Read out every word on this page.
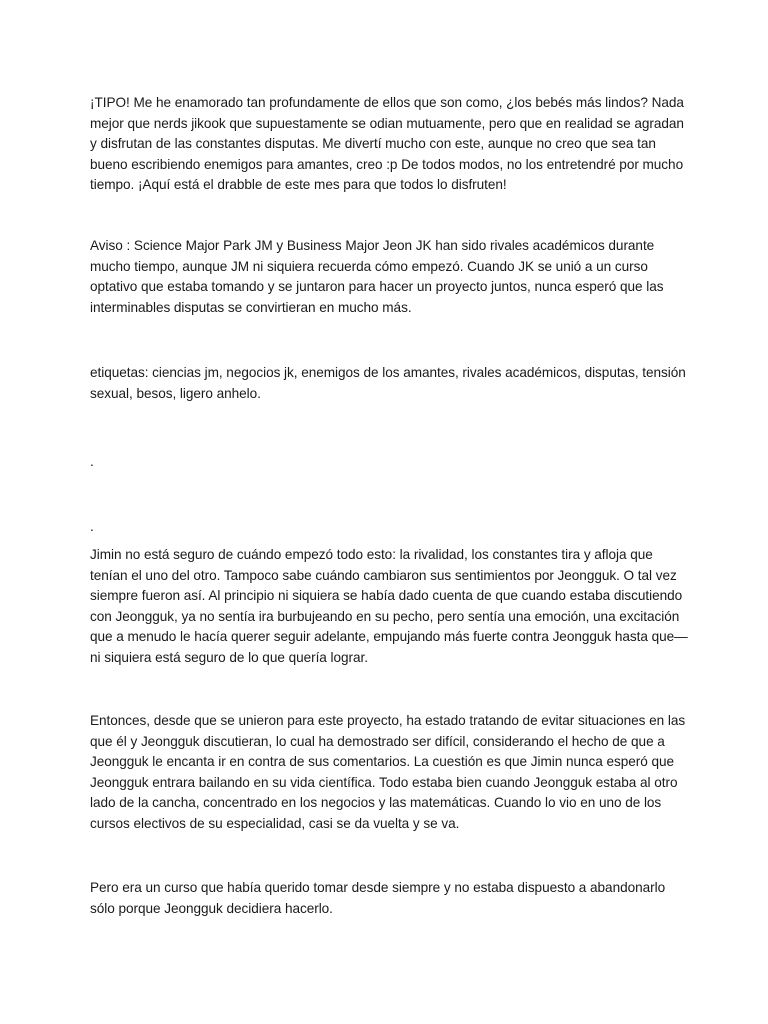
¡TIPO! Me he enamorado tan profundamente de ellos que son como, ¿los bebés más lindos? Nada mejor que nerds jikook que supuestamente se odian mutuamente, pero que en realidad se agradan y disfrutan de las constantes disputas. Me divertí mucho con este, aunque no creo que sea tan bueno escribiendo enemigos para amantes, creo :p De todos modos, no los entretendré por mucho tiempo. ¡Aquí está el drabble de este mes para que todos lo disfruten!

Aviso : Science Major Park JM y Business Major Jeon JK han sido rivales académicos durante mucho tiempo, aunque JM ni siquiera recuerda cómo empezó. Cuando JK se unió a un curso optativo que estaba tomando y se juntaron para hacer un proyecto juntos, nunca esperó que las interminables disputas se convirtieran en mucho más.

etiquetas: ciencias jm, negocios jk, enemigos de los amantes, rivales académicos, disputas, tensión sexual, besos, ligero anhelo.

.

.

Jimin no está seguro de cuándo empezó todo esto: la rivalidad, los constantes tira y afloja que tenían el uno del otro. Tampoco sabe cuándo cambiaron sus sentimientos por Jeongguk. O tal vez siempre fueron así. Al principio ni siquiera se había dado cuenta de que cuando estaba discutiendo con Jeongguk, ya no sentía ira burbujeando en su pecho, pero sentía una emoción, una excitación que a menudo le hacía querer seguir adelante, empujando más fuerte contra Jeongguk hasta que— ni siquiera está seguro de lo que quería lograr.

Entonces, desde que se unieron para este proyecto, ha estado tratando de evitar situaciones en las que él y Jeongguk discutieran, lo cual ha demostrado ser difícil, considerando el hecho de que a Jeongguk le encanta ir en contra de sus comentarios. La cuestión es que Jimin nunca esperó que Jeongguk entrara bailando en su vida científica. Todo estaba bien cuando Jeongguk estaba al otro lado de la cancha, concentrado en los negocios y las matemáticas. Cuando lo vio en uno de los cursos electivos de su especialidad, casi se da vuelta y se va.

Pero era un curso que había querido tomar desde siempre y no estaba dispuesto a abandonarlo sólo porque Jeongguk decidiera hacerlo.
